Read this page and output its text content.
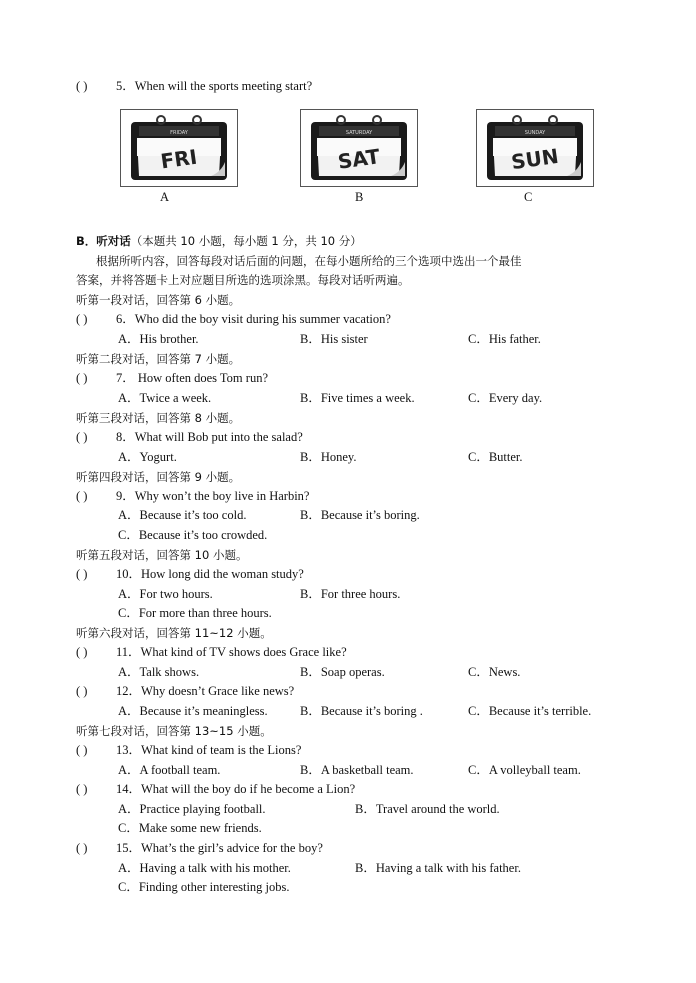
( ) 5．When will the sports meeting start?
FRIDAY
FRI
SATURDAY
SAT
SUNDAY
SUN
A	B	C
B．听对话（本题共 10 小题，每小题 1 分，共 10 分）
根据所听内容，回答每段对话后面的问题，在每小题所给的三个选项中选出一个最佳
答案，并将答题卡上对应题目所选的选项涂黑。每段对话听两遍。
听第一段对话，回答第 6 小题。
( ) 6．Who did the boy visit during his summer vacation?
A．His brother.	B．His sister	C．His father.
听第二段对话，回答第 7 小题。
( ) 7． How often does Tom run?
A．Twice a week.	B．Five times a week.	C．Every day.
听第三段对话，回答第 8 小题。
( ) 8．What will Bob put into the salad?
A．Yogurt.	B．Honey.	C．Butter.
听第四段对话，回答第 9 小题。
( ) 9．Why won’t the boy live in Harbin?
A．Because it’s too cold.	B．Because it’s boring.
C．Because it’s too crowded.
听第五段对话，回答第 10 小题。
( ) 10．How long did the woman study?
A．For two hours.	B．For three hours.
C．For more than three hours.
听第六段对话，回答第 11~12 小题。
( ) 11．What kind of TV shows does Grace like?
A．Talk shows.	B．Soap operas.	C．News.
( ) 12．Why doesn’t Grace like news?
A．Because it’s meaningless.	B．Because it’s boring .	C．Because it’s terrible.
听第七段对话，回答第 13~15 小题。
( ) 13．What kind of team is the Lions?
A．A football team.	B．A basketball team.	C．A volleyball team.
( ) 14．What will the boy do if he become a Lion?
A．Practice playing football.	B．Travel around the world.
C．Make some new friends.
( ) 15．What’s the girl’s advice for the boy?
A．Having a talk with his mother.	B．Having a talk with his father.
C．Finding other interesting jobs.
